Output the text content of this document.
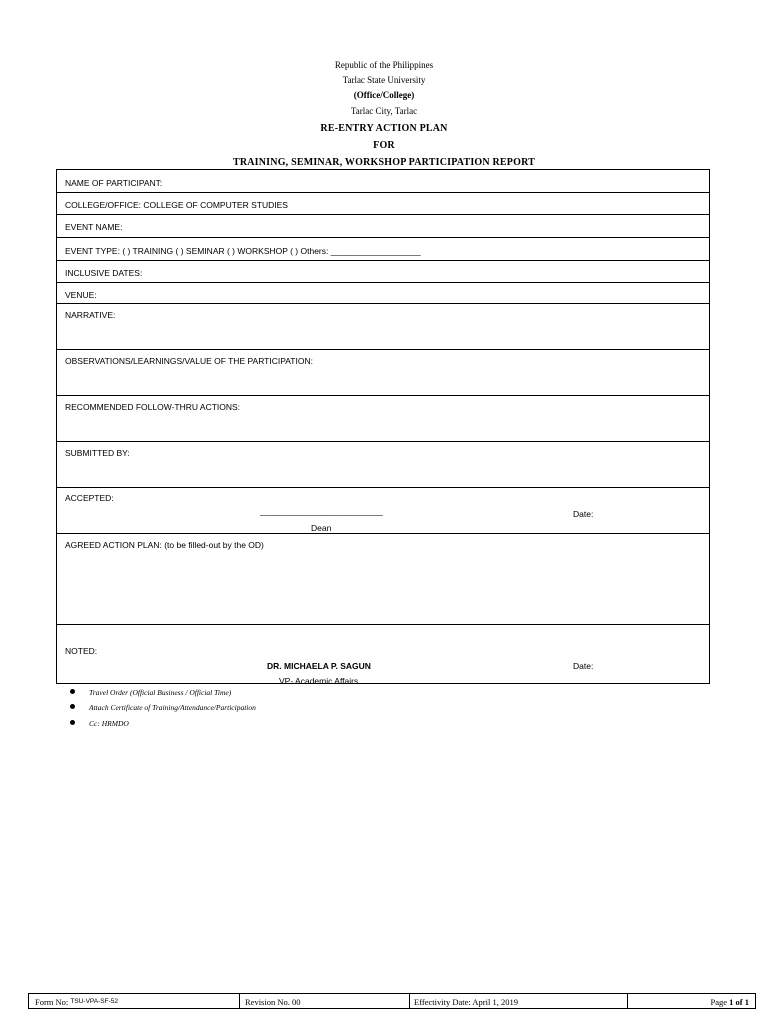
Republic of the Philippines
Tarlac State University
(Office/College)
Tarlac City, Tarlac
RE-ENTRY ACTION PLAN
FOR
TRAINING, SEMINAR, WORKSHOP PARTICIPATION REPORT
NAME OF PARTICIPANT:
COLLEGE/OFFICE: COLLEGE OF COMPUTER STUDIES
EVENT NAME:
EVENT TYPE: ( ) TRAINING ( ) SEMINAR ( ) WORKSHOP ( ) Others: ___________________
INCLUSIVE DATES:
VENUE:
NARRATIVE:
OBSERVATIONS/LEARNINGS/VALUE OF THE PARTICIPATION:
RECOMMENDED FOLLOW-THRU ACTIONS:
SUBMITTED BY:
ACCEPTED:
__________________________	Date:
Dean
AGREED ACTION PLAN: (to be filled-out by the OD)
NOTED:
DR. MICHAELA P. SAGUN	Date:
VP- Academic Affairs
Travel Order (Official Business / Official Time)
Attach Certificate of Training/Attendance/Participation
Cc: HRMDO
Form No: $^{TSU-VPA-SF-52}$	Revision No. 00	Effectivity Date: April 1, 2019	Page 1 of 1
